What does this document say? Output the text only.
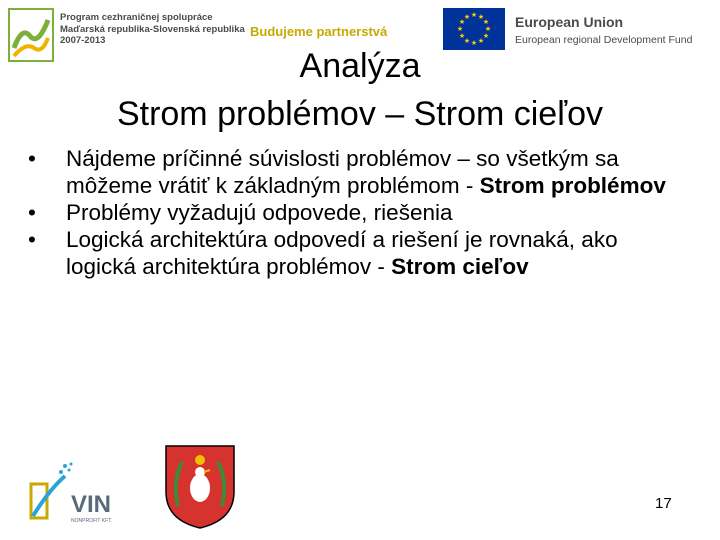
Program cezhraničnej spolupráce
Maďarská republika-Slovenská republika
2007-2013
Budujeme partnerstvá
★ ★
★
★
★
★
★
★
★
★
★
★	European Union
European regional Development Fund
Analýza
Strom problémov – Strom cieľov
• Nájdeme príčinné súvislosti problémov – so všetkým sa môžeme vrátiť k základným problémom - Strom problémov
• Problémy vyžadujú odpovede, riešenia
• Logická architektúra odpovedí a riešení je rovnaká, ako logická architektúra problémov - Strom cieľov
VIN
NONPROFIT KFT.
17
